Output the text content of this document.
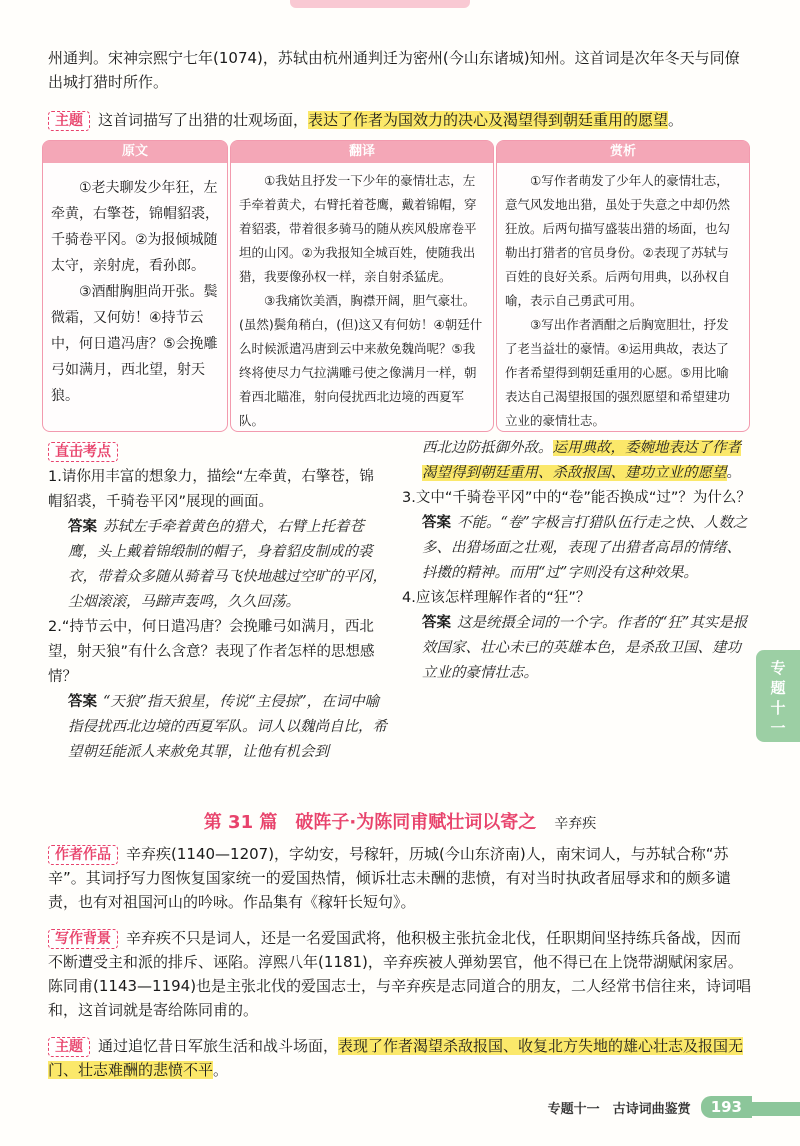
州通判。宋神宗熙宁七年(1074)，苏轼由杭州通判迁为密州(今山东诸城)知州。这首词是次年冬天与同僚出城打猎时所作。
主题 这首词描写了出猎的壮观场面，表达了作者为国效力的决心及渴望得到朝廷重用的愿望。
原文

①老夫聊发少年狂，左牵黄，右擎苍，锦帽貂裘，千骑卷平冈。②为报倾城随太守，亲射虎，看孙郎。

③酒酣胸胆尚开张。鬓微霜，又何妨！④持节云中，何日遣冯唐？⑤会挽雕弓如满月，西北望，射天狼。

翻译

①我姑且抒发一下少年的豪情壮志，左手牵着黄犬，右臂托着苍鹰，戴着锦帽，穿着貂裘，带着很多骑马的随从疾风般席卷平坦的山冈。②为我报知全城百姓，使随我出猎，我要像孙权一样，亲自射杀猛虎。

③我痛饮美酒，胸襟开阔，胆气豪壮。(虽然)鬓角稍白，(但)这又有何妨！④朝廷什么时候派遣冯唐到云中来赦免魏尚呢？⑤我终将使尽力气拉满雕弓使之像满月一样，朝着西北瞄准，射向侵扰西北边境的西夏军队。

赏析

①写作者萌发了少年人的豪情壮志，意气风发地出猎，虽处于失意之中却仍然狂放。后两句描写盛装出猎的场面，也勾勒出打猎者的官员身份。②表现了苏轼与百姓的良好关系。后两句用典，以孙权自喻，表示自己勇武可用。

③写出作者酒酣之后胸宽胆壮，抒发了老当益壮的豪情。④运用典故，表达了作者希望得到朝廷重用的心愿。⑤用比喻表达自己渴望报国的强烈愿望和希望建功立业的豪情壮志。

直击考点
1.请你用丰富的想象力，描绘“左牵黄，右擎苍，锦帽貂裘，千骑卷平冈”展现的画面。
答案 苏轼左手牵着黄色的猎犬，右臂上托着苍鹰，头上戴着锦缎制的帽子，身着貂皮制成的裘衣，带着众多随从骑着马飞快地越过空旷的平冈，尘烟滚滚，马蹄声轰鸣，久久回荡。
2.“持节云中，何日遣冯唐？会挽雕弓如满月，西北望，射天狼”有什么含意？表现了作者怎样的思想感情？
答案 “天狼”指天狼星，传说“主侵掠”，在词中喻指侵扰西北边境的西夏军队。词人以魏尚自比，希望朝廷能派人来赦免其罪，让他有机会到
西北边防抵御外敌。运用典故，委婉地表达了作者渴望得到朝廷重用、杀敌报国、建功立业的愿望。
3.文中“千骑卷平冈”中的“卷”能否换成“过”？为什么？
答案 不能。“卷”字极言打猎队伍行走之快、人数之多、出猎场面之壮观，表现了出猎者高昂的情绪、抖擞的精神。而用“过”字则没有这种效果。
4.应该怎样理解作者的“狂”？
答案 这是统摄全词的一个字。作者的“狂”其实是报效国家、壮心未已的英雄本色，是杀敌卫国、建功立业的豪情壮志。
第 31 篇　破阵子·为陈同甫赋壮词以寄之 辛弃疾
作者作品 辛弃疾(1140—1207)，字幼安，号稼轩，历城(今山东济南)人，南宋词人，与苏轼合称“苏辛”。其词抒写力图恢复国家统一的爱国热情，倾诉壮志未酬的悲愤，有对当时执政者屈辱求和的颇多谴责，也有对祖国河山的吟咏。作品集有《稼轩长短句》。
写作背景 辛弃疾不只是词人，还是一名爱国武将，他积极主张抗金北伐，任职期间坚持练兵备战，因而不断遭受主和派的排斥、诬陷。淳熙八年(1181)，辛弃疾被人弹劾罢官，他不得已在上饶带湖赋闲家居。陈同甫(1143—1194)也是主张北伐的爱国志士，与辛弃疾是志同道合的朋友，二人经常书信往来，诗词唱和，这首词就是寄给陈同甫的。
主题 通过追忆昔日军旅生活和战斗场面，表现了作者渴望杀敌报国、收复北方失地的雄心壮志及报国无门、壮志难酬的悲愤不平。
专题十一
专题十一　古诗词曲鉴赏	193
